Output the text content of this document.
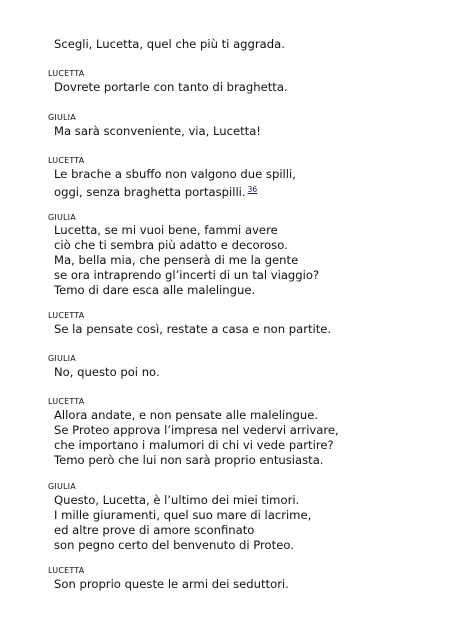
Scegli, Lucetta, quel che più ti aggrada.
LUCETTA
Dovrete portarle con tanto di braghetta.
GIULIA
Ma sarà sconveniente, via, Lucetta!
LUCETTA
Le brache a sbuffo non valgono due spilli,
oggi, senza braghetta portaspilli. $^{36}$
GIULIA
Lucetta, se mi vuoi bene, fammi avere
ciò che ti sembra più adatto e decoroso.
Ma, bella mia, che penserà di me la gente
se ora intraprendo gl’incerti di un tal viaggio?
Temo di dare esca alle malelingue.
LUCETTA
Se la pensate così, restate a casa e non partite.
GIULIA
No, questo poi no.
LUCETTA
Allora andate, e non pensate alle malelingue.
Se Proteo approva l’impresa nel vedervi arrivare,
che importano i malumori di chi vi vede partire?
Temo però che lui non sarà proprio entusiasta.
GIULIA
Questo, Lucetta, è l’ultimo dei miei timori.
I mille giuramenti, quel suo mare di lacrime,
ed altre prove di amore sconfinato
son pegno certo del benvenuto di Proteo.
LUCETTA
Son proprio queste le armi dei seduttori.
